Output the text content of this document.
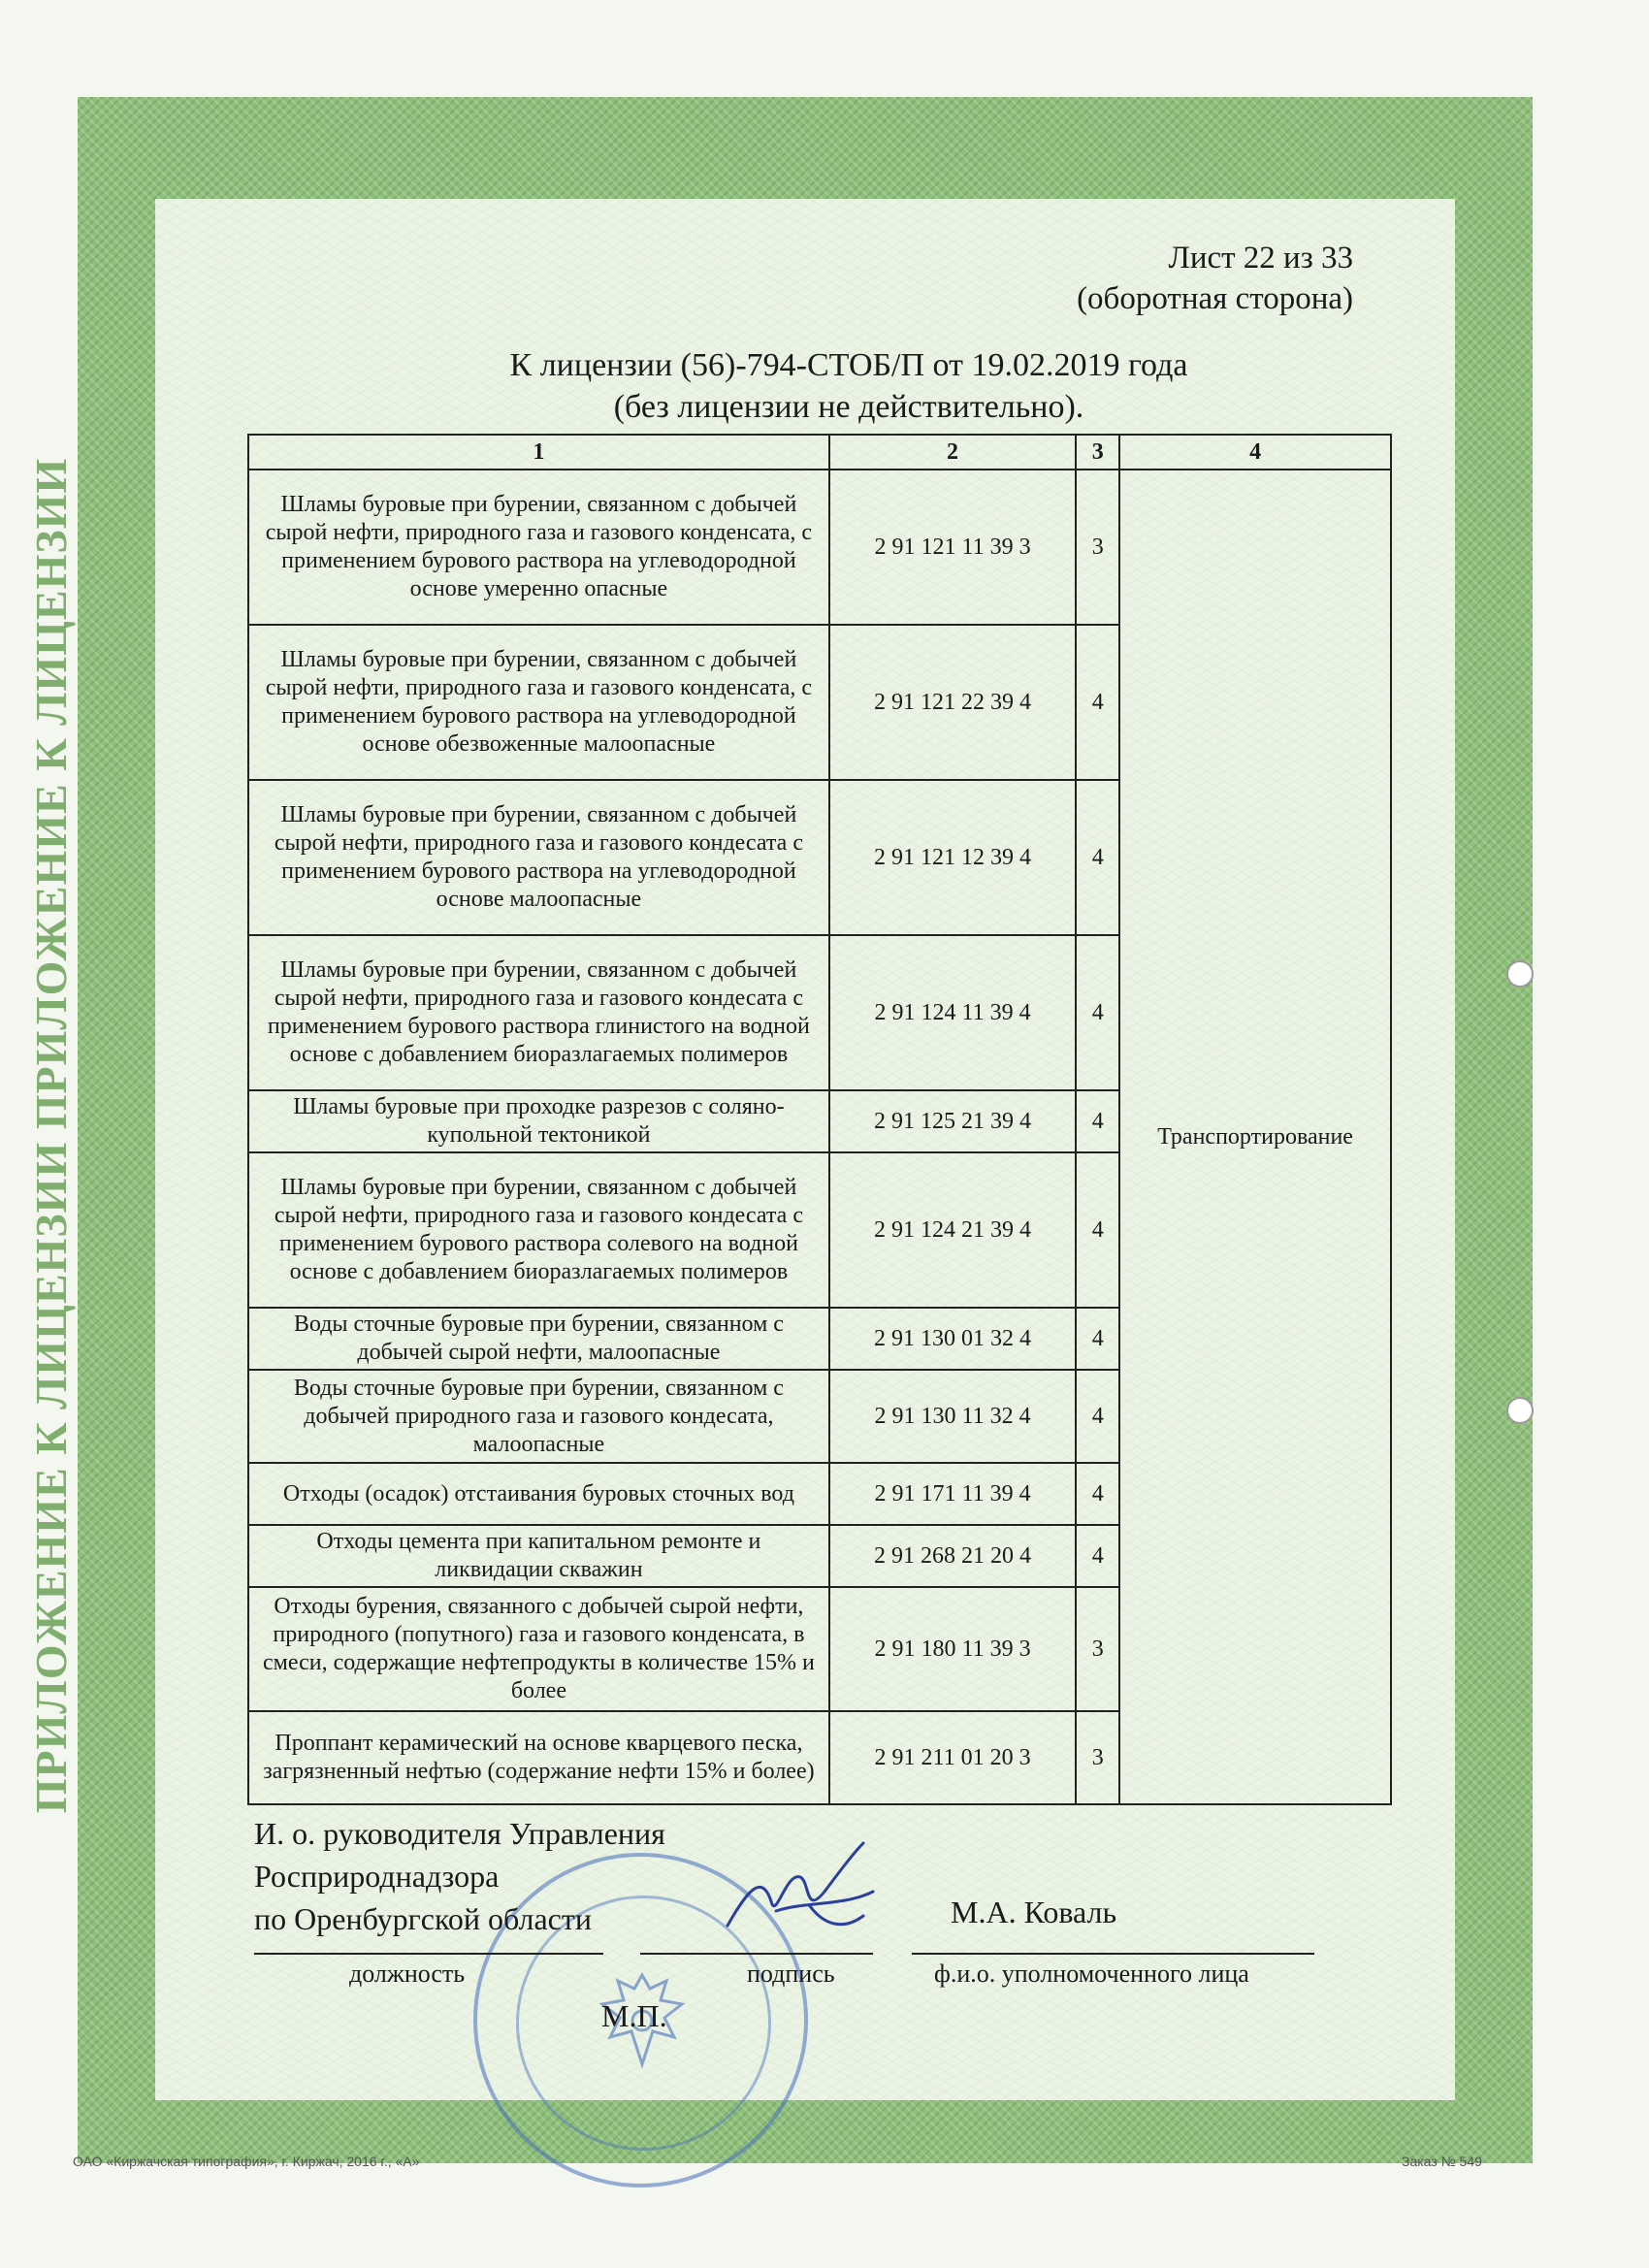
ПРИЛОЖЕНИЕ К ЛИЦЕНЗИИ ПРИЛОЖЕНИЕ К ЛИЦЕНЗИИ
Лист 22 из 33
(оборотная сторона)
К лицензии (56)-794-СТОБ/П от 19.02.2019 года
(без лицензии не действительно).
1	2	3	4
Шламы буровые при бурении, связанном с добычей сырой нефти, природного газа и газового конденсата, с применением бурового раствора на углеводородной основе умеренно опасные	2 91 121 11 39 3	3	Транспортирование
Шламы буровые при бурении, связанном с добычей сырой нефти, природного газа и газового конденсата, с применением бурового раствора на углеводородной основе обезвоженные малоопасные	2 91 121 22 39 4	4	
Шламы буровые при бурении, связанном с добычей сырой нефти, природного газа и газового кондесата с применением бурового раствора на углеводородной основе малоопасные	2 91 121 12 39 4	4	
Шламы буровые при бурении, связанном с добычей сырой нефти, природного газа и газового кондесата с применением бурового раствора глинистого на водной основе с добавлением биоразлагаемых полимеров	2 91 124 11 39 4	4	
Шламы буровые при проходке разрезов с соляно-купольной тектоникой	2 91 125 21 39 4	4	
Шламы буровые при бурении, связанном с добычей сырой нефти, природного газа и газового кондесата с применением бурового раствора солевого на водной основе с добавлением биоразлагаемых полимеров	2 91 124 21 39 4	4	
Воды сточные буровые при бурении, связанном с добычей сырой нефти, малоопасные	2 91 130 01 32 4	4	
Воды сточные буровые при бурении, связанном с добычей природного газа и газового кондесата, малоопасные	2 91 130 11 32 4	4	
Отходы (осадок) отстаивания буровых сточных вод	2 91 171 11 39 4	4	
Отходы цемента при капитальном ремонте и ликвидации скважин	2 91 268 21 20 4	4	
Отходы бурения, связанного с добычей сырой нефти, природного (попутного) газа и газового конденсата, в смеси, содержащие нефтепродукты в количестве 15% и более	2 91 180 11 39 3	3	
Проппант керамический на основе кварцевого песка, загрязненный нефтью (содержание нефти 15% и более)	2 91 211 01 20 3	3	
И. о. руководителя Управления
Росприроднадзора
по Оренбургской области	М.А. Коваль
должность	подпись	ф.и.о. уполномоченного лица
М.П.
ОАО «Киржачская типография», г. Киржач, 2016 г., «А»	Заказ № 549
